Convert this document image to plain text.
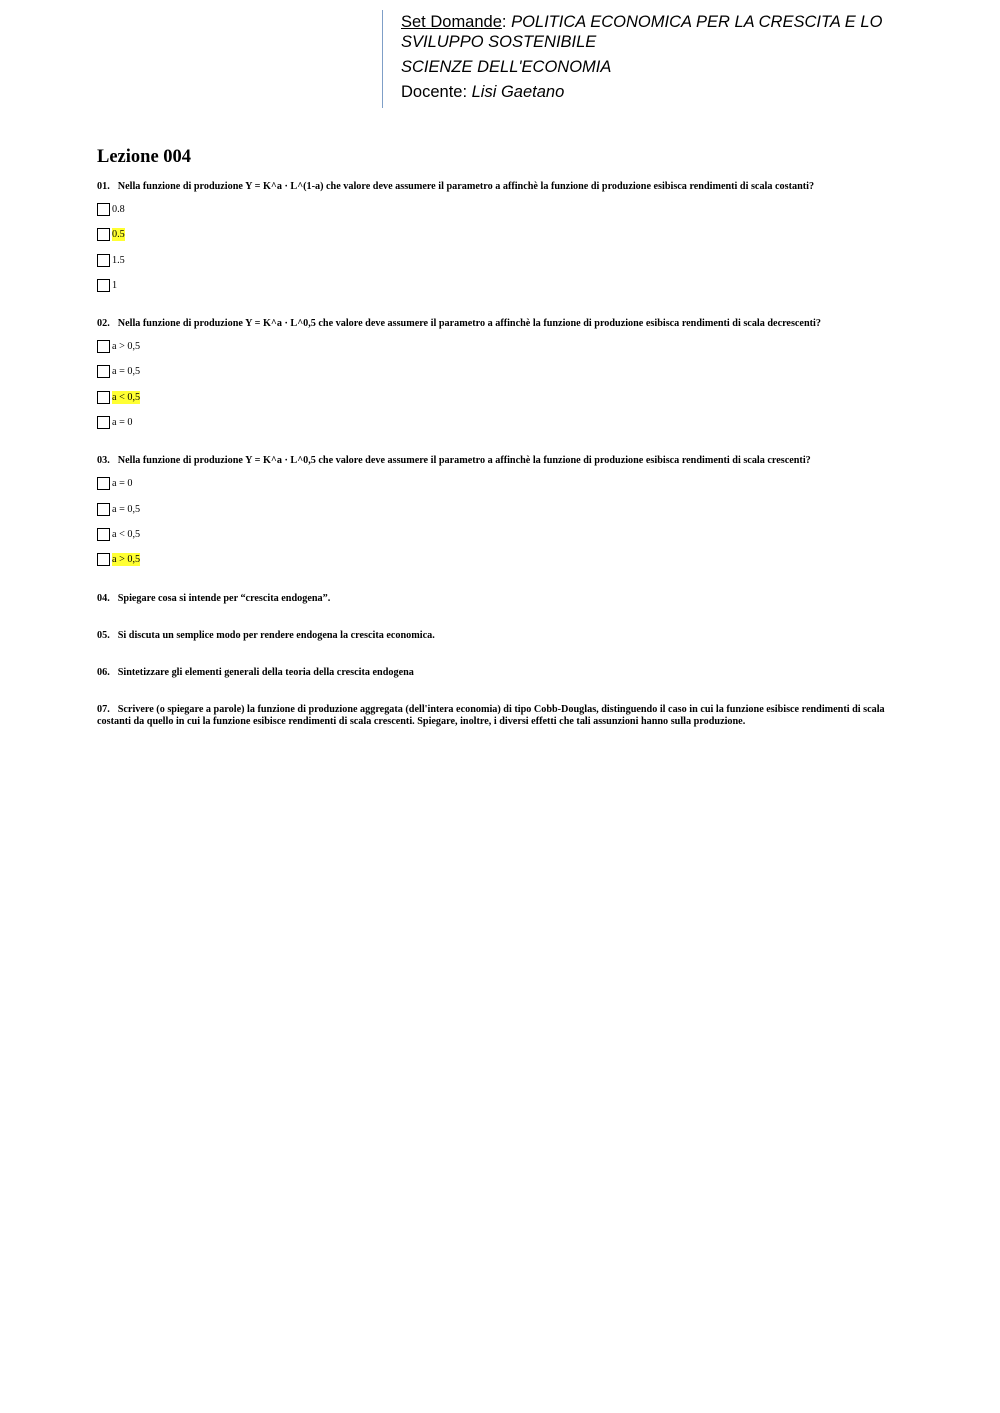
Set Domande: POLITICA ECONOMICA PER LA CRESCITA E LO SVILUPPO SOSTENIBILE
SCIENZE DELL'ECONOMIA
Docente: Lisi Gaetano
Lezione 004

01. Nella funzione di produzione Y = K^a · L^(1-a) che valore deve assumere il parametro a affinchè la funzione di produzione esibisca rendimenti di scala costanti?

0.8
0.5
1.5
1

02. Nella funzione di produzione Y = K^a · L^0,5 che valore deve assumere il parametro a affinchè la funzione di produzione esibisca rendimenti di scala decrescenti?

a > 0,5
a = 0,5
a < 0,5
a = 0

03. Nella funzione di produzione Y = K^a · L^0,5 che valore deve assumere il parametro a affinchè la funzione di produzione esibisca rendimenti di scala crescenti?

a = 0
a = 0,5
a < 0,5
a > 0,5

04. Spiegare cosa si intende per “crescita endogena”.

05. Si discuta un semplice modo per rendere endogena la crescita economica.

06. Sintetizzare gli elementi generali della teoria della crescita endogena

07. Scrivere (o spiegare a parole) la funzione di produzione aggregata (dell'intera economia) di tipo Cobb-Douglas, distinguendo il caso in cui la funzione esibisce rendimenti di scala costanti da quello in cui la funzione esibisce rendimenti di scala crescenti. Spiegare, inoltre, i diversi effetti che tali assunzioni hanno sulla produzione.
